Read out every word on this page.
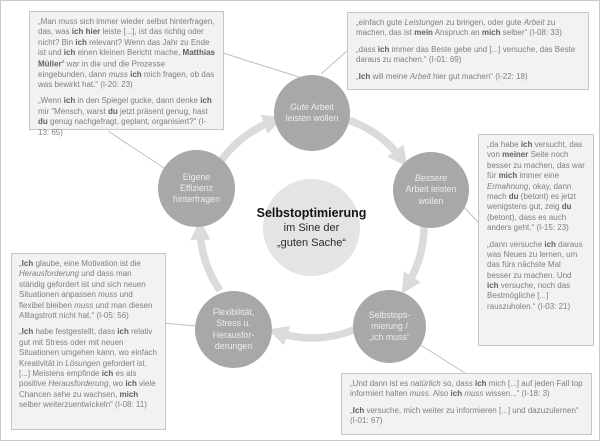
Selbstoptimierung
im Sine der
„guten Sache“
Gute Arbeit
leisten wollen
Bessere
Arbeit leisten
wollen
Selbstopti-
mierung /
„ich muss“
Flexibilität,
Stress u.
Herausfor-
derungen
Eigene
Effizienz
hinterfragen

„Man muss sich immer wieder selbst hinterfragen, das, was ich hier leiste [...], ist das richtig oder nicht? Bin ich relevant? Wenn das Jahr zu Ende ist und ich einen kleinen Bericht mache, Matthias Müller$^a$ war in die und die Prozesse eingebunden, dann muss ich mich fragen, ob das was bewirkt hat.“ (I-20: 23)

„Wenn ich in den Spiegel gucke, dann denke ich mir "Mensch, warst du jetzt präsent genug, hast du genug nachgefragt, geplant, organisiert?“ (I-13: 65)

„einfach gute Leistungen zu bringen, oder gute Arbeit zu machen, das ist mein Anspruch an mich selber“ (I-08: 33)

„dass ich immer das Beste gebe und [...] versuche, das Beste daraus zu machen.“ (I-01: 69)

„Ich will meine Arbeit hier gut machen“ (I-22: 18)

„da habe ich versucht, das von meiner Seite noch besser zu machen, das war für mich immer eine Ermahnung, okay, dann mach du (betont) es jetzt wenigstens gut, zeig du (betont), dass es auch anders geht.“ (I-15: 23)

„dann versuche ich daraus was Neues zu lernen, um das fürs nächste Mal besser zu machen. Und ich versuche, noch das Bestmögliche [...] rauszuholen.“ (I-03: 21)

„Ich glaube, eine Motivation ist die Herausforderung und dass man ständig gefordert ist und sich neuen Situationen anpassen muss und flexibel bleiben muss und man diesen Alltagstrott nicht hat.“ (I-05: 56)

„Ich habe festgestellt, dass ich relativ gut mit Stress oder mit neuen Situationen umgehen kann, wo einfach Kreativität in Lösungen gefordert ist. [...] Meistens empfinde ich es als positive Herausforderung, wo ich viele Chancen sehe zu wachsen, mich selber weiterzuentwickeln“ (I-08: 11)

„Und dann ist es natürlich so, dass ich mich [...] auf jeden Fall top informiert halten muss. Also ich muss wissen...“ (I-18: 3)

„Ich versuche, mich weiter zu informieren [...] und dazuzulernen“ (I-01: 67)
